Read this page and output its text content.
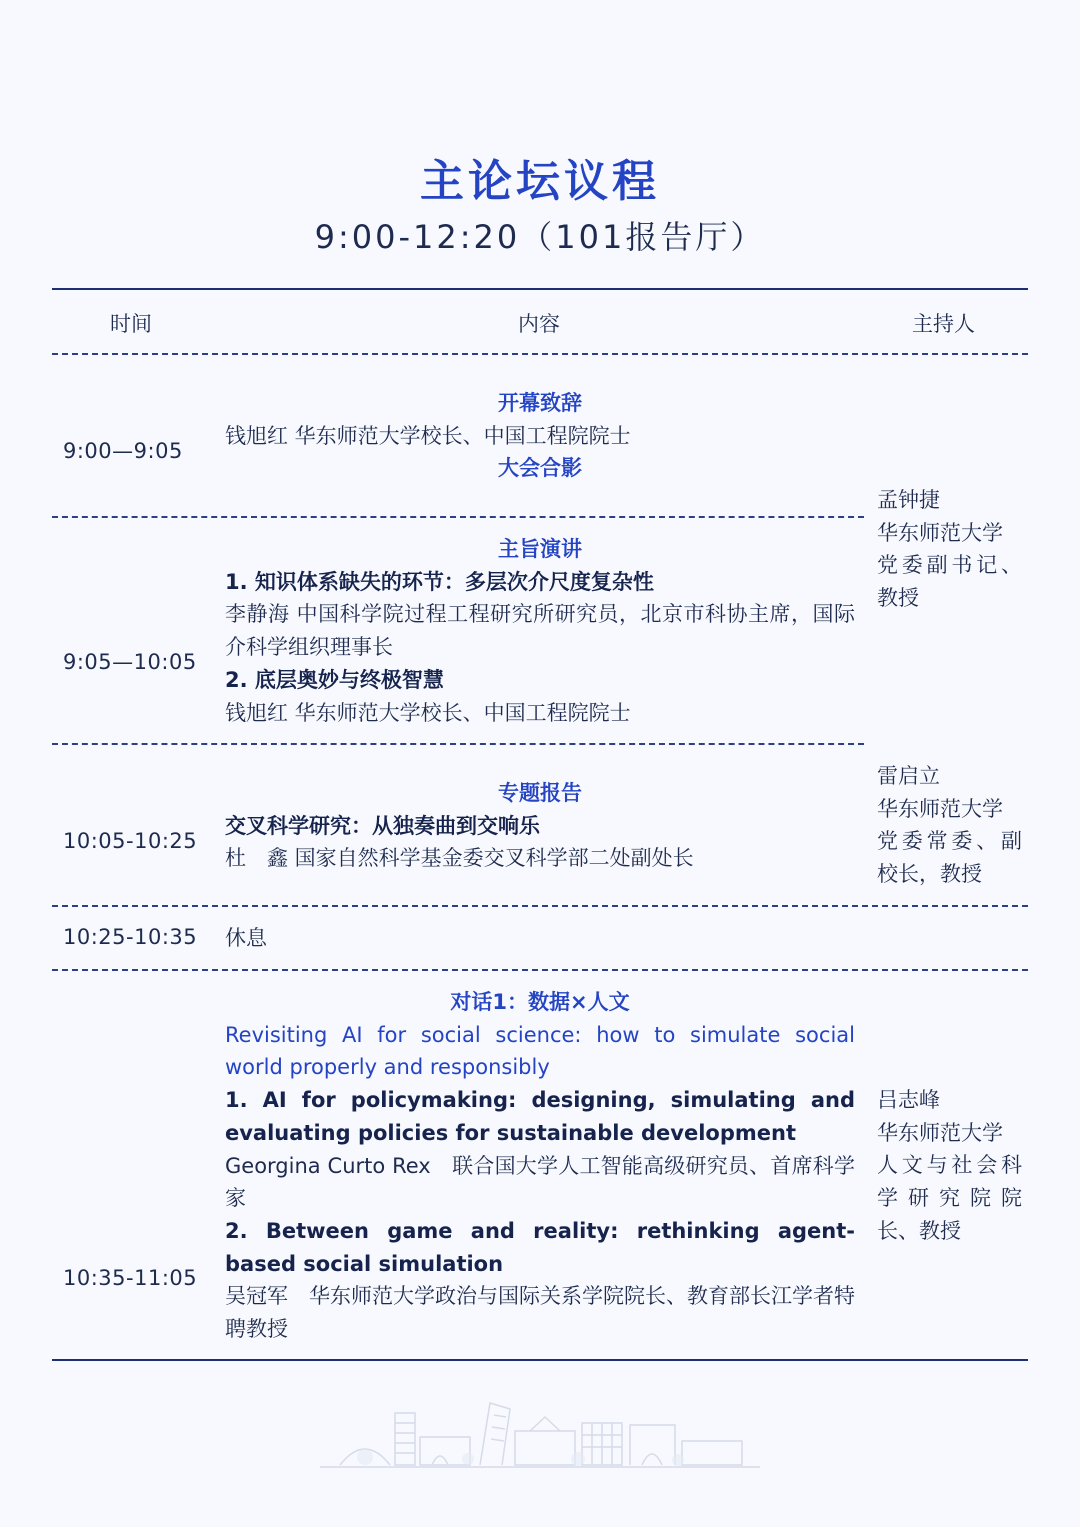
主论坛议程
9:00-12:20（101报告厅）
时间	内容	主持人
9:00—9:05
开幕致辞
钱旭红 华东师范大学校长、中国工程院院士
大会合影
9:05—10:05
主旨演讲
1. 知识体系缺失的环节：多层次介尺度复杂性
李静海 中国科学院过程工程研究所研究员，北京市科协主席，国际介科学组织理事长
2. 底层奥妙与终极智慧
钱旭红 华东师范大学校长、中国工程院院士
孟钟捷
华东师范大学
党委副书记、教授
10:05-10:25
专题报告
交叉科学研究：从独奏曲到交响乐
杜　鑫 国家自然科学基金委交叉科学部二处副处长
雷启立
华东师范大学
党委常委、副校长，教授
10:25-10:35 休息
10:35-11:05
对话1：数据×人文
Revisiting AI for social science: how to simulate social world properly and responsibly
1. AI for policymaking: designing, simulating and evaluating policies for sustainable development
Georgina Curto Rex　联合国大学人工智能高级研究员、首席科学家
2. Between game and reality: rethinking agent-based social simulation
吴冠军　华东师范大学政治与国际关系学院院长、教育部长江学者特聘教授
吕志峰
华东师范大学
人文与社会科学研究院院长、教授
